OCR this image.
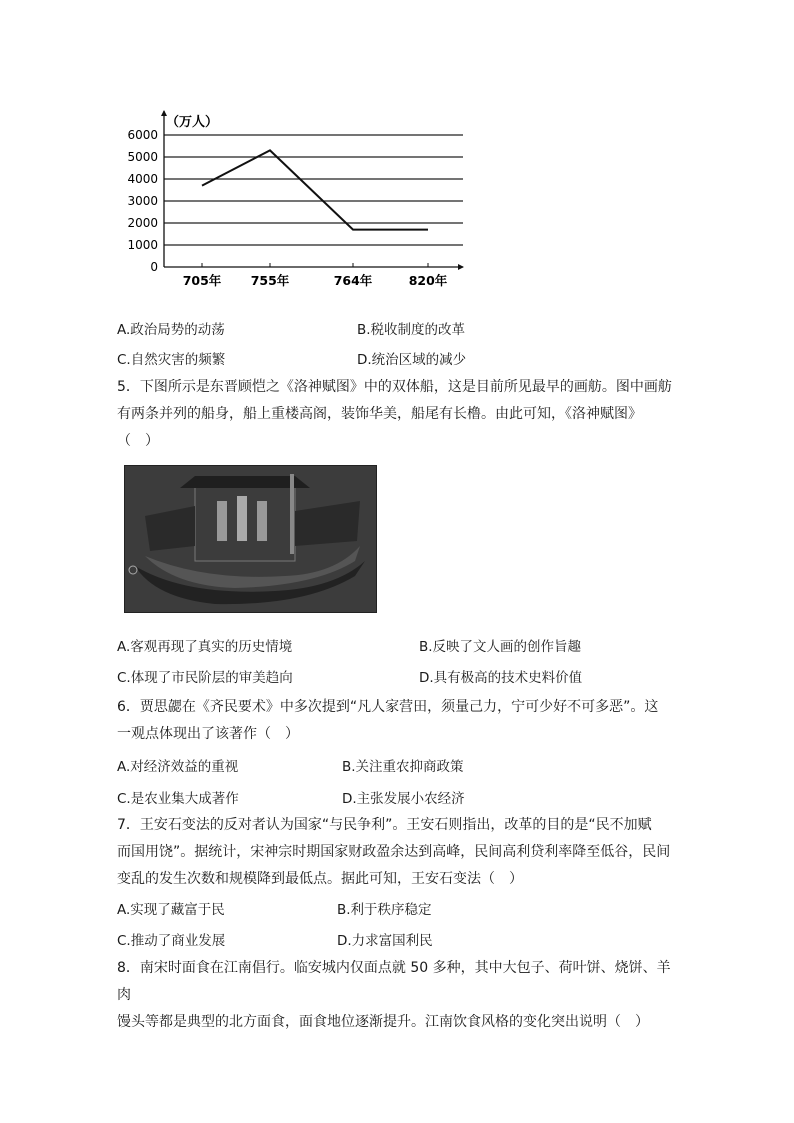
0
1000
2000
3000
4000
5000
6000
705年 755年	764年	820年
（万人）
A.政治局势的动荡	B.税收制度的改革
C.自然灾害的频繁	D.统治区域的减少

5．下图所示是东晋顾恺之《洛神赋图》中的双体船，这是目前所见最早的画舫。图中画舫

有两条并列的船身，船上重楼高阁，装饰华美，船尾有长橹。由此可知，《洛神赋图》

（　）

A.客观再现了真实的历史情境	B.反映了文人画的创作旨趣
C.体现了市民阶层的审美趋向	D.具有极高的技术史料价值

6．贾思勰在《齐民要术》中多次提到“凡人家营田，须量己力，宁可少好不可多恶”。这

一观点体现出了该著作（　）

A.对经济效益的重视	B.关注重农抑商政策
C.是农业集大成著作	D.主张发展小农经济

7．王安石变法的反对者认为国家“与民争利”。王安石则指出，改革的目的是“民不加赋

而国用饶”。据统计，宋神宗时期国家财政盈余达到高峰，民间高利贷利率降至低谷，民间

变乱的发生次数和规模降到最低点。据此可知，王安石变法（　）

A.实现了藏富于民	B.利于秩序稳定
C.推动了商业发展	D.力求富国利民

8．南宋时面食在江南倡行。临安城内仅面点就 50 多种，其中大包子、荷叶饼、烧饼、羊肉

馒头等都是典型的北方面食，面食地位逐渐提升。江南饮食风格的变化突出说明（　）
